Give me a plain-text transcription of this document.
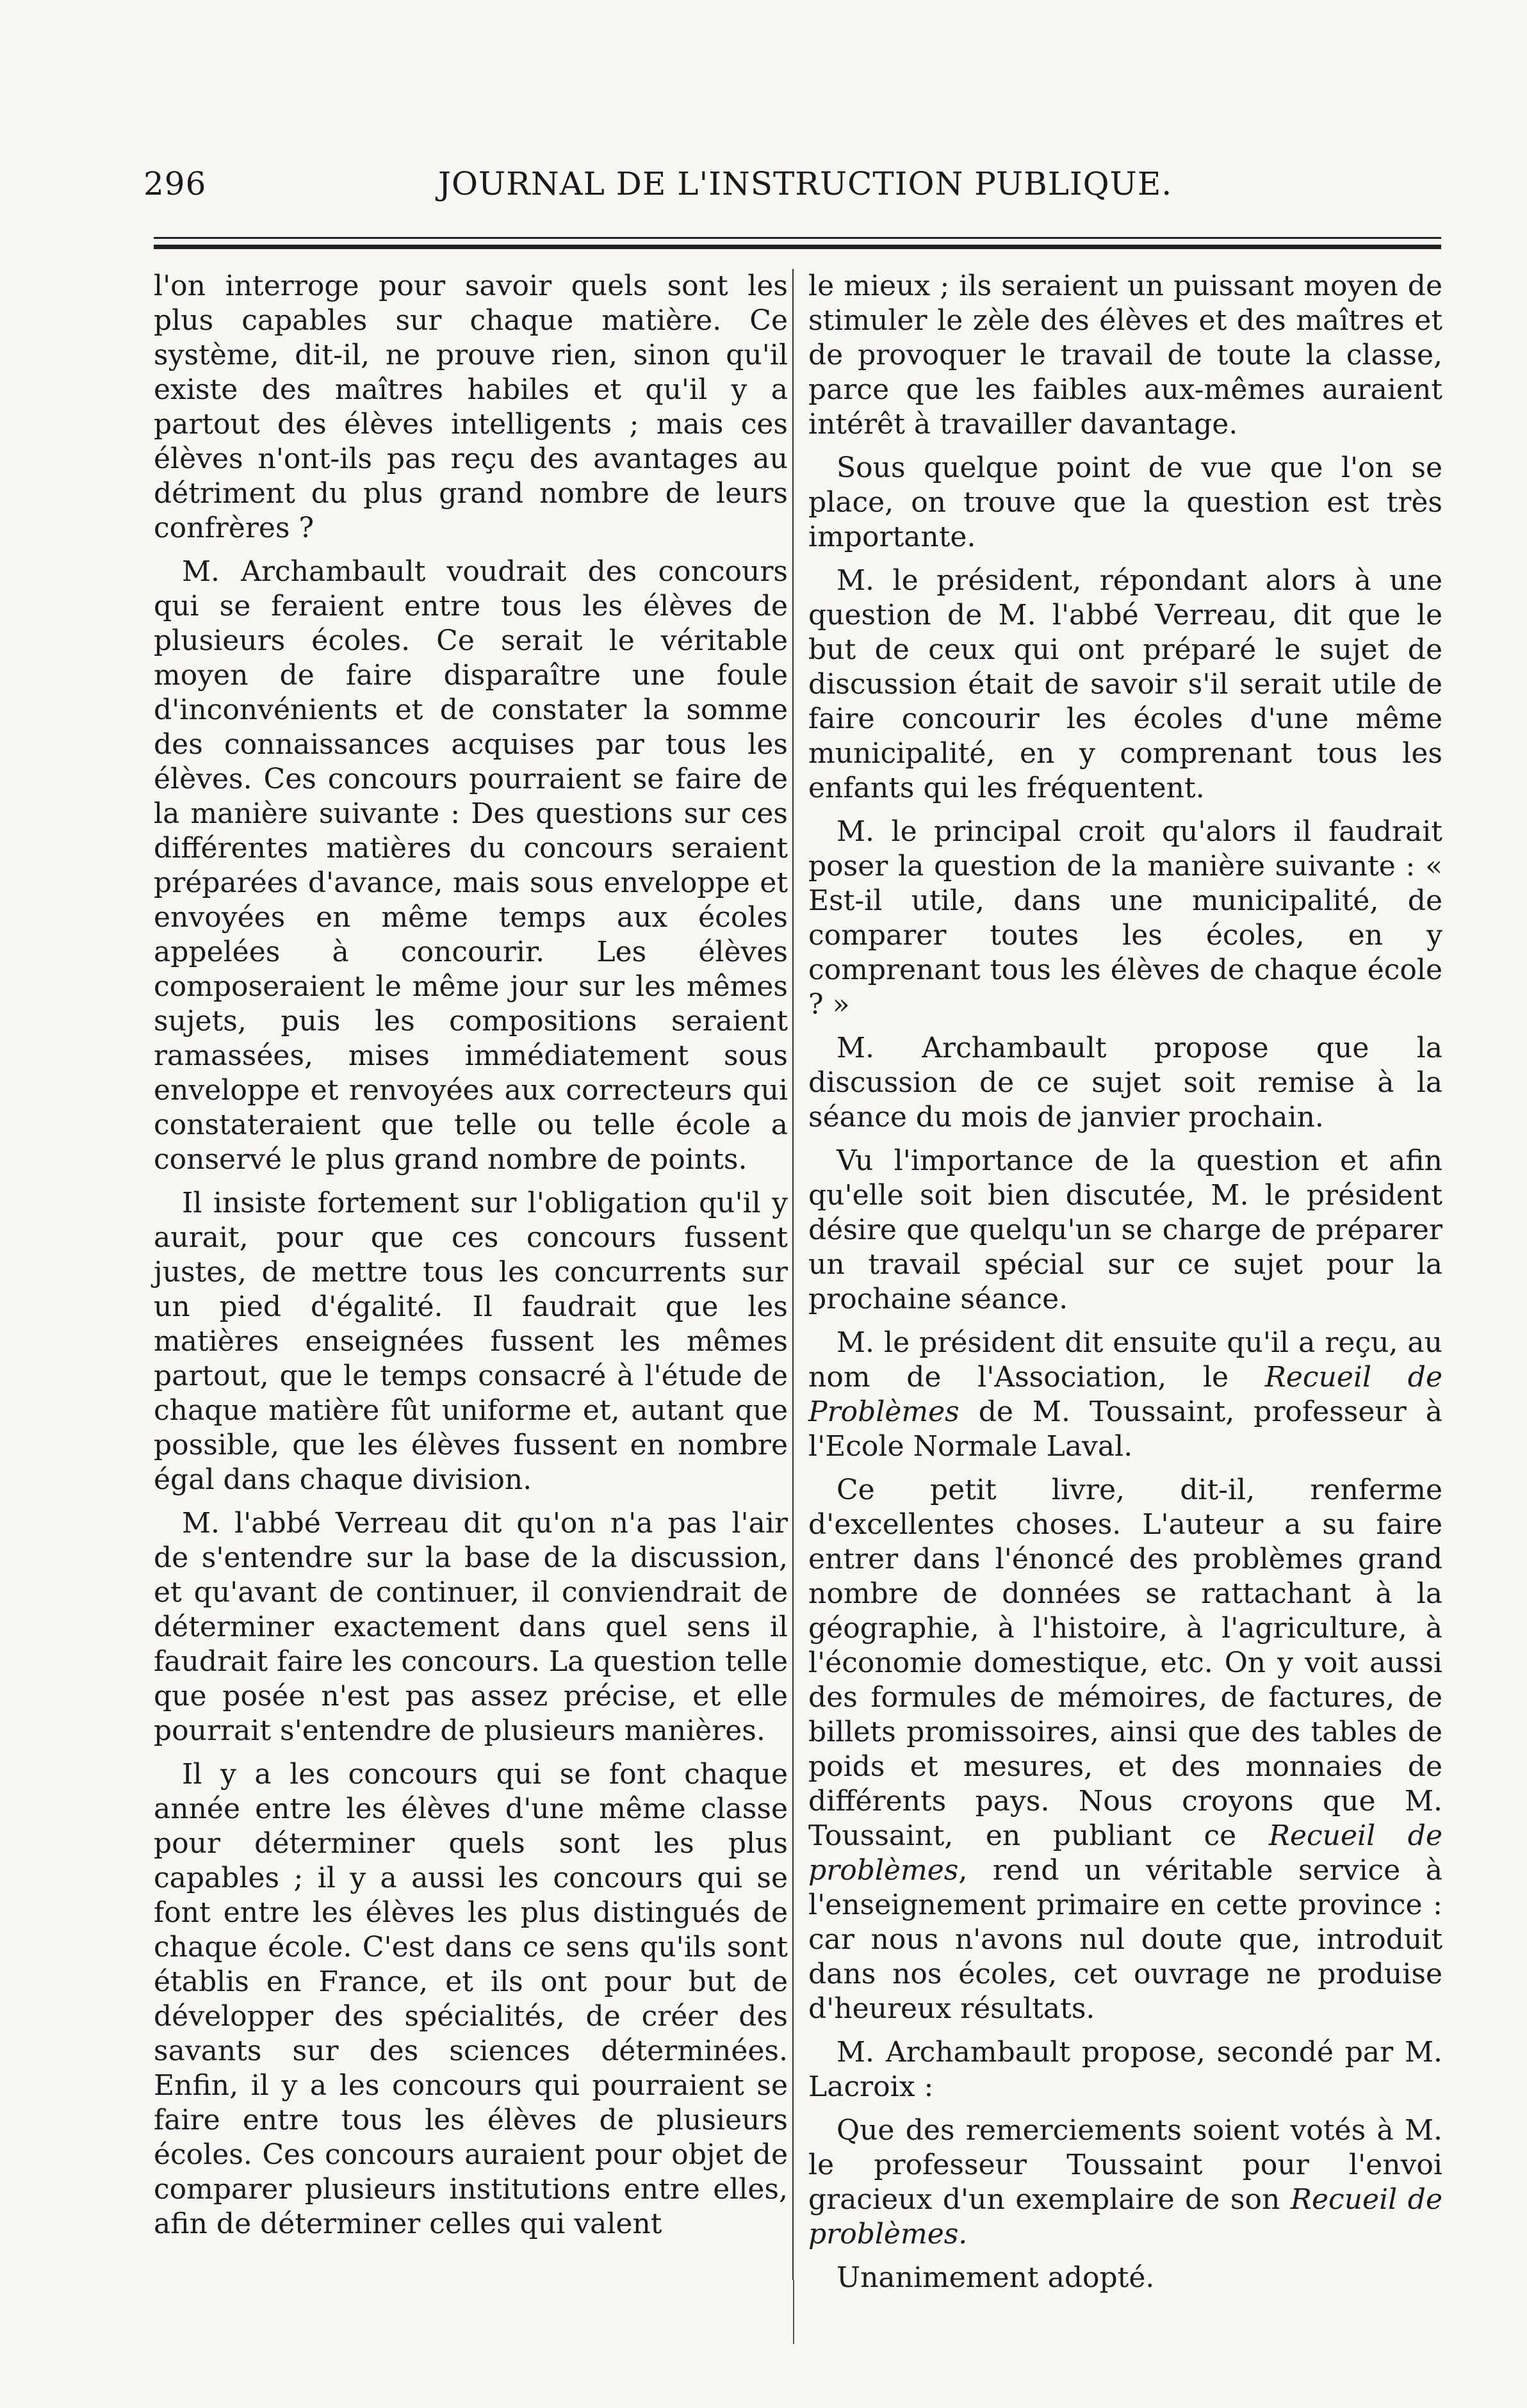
296	JOURNAL DE L'INSTRUCTION PUBLIQUE.

l'on interroge pour savoir quels sont les plus capables sur chaque matière. Ce système, dit-il, ne prouve rien, sinon qu'il existe des maîtres habiles et qu'il y a partout des élèves intelligents ; mais ces élèves n'ont-ils pas reçu des avantages au détriment du plus grand nombre de leurs confrères ?

M. Archambault voudrait des concours qui se feraient entre tous les élèves de plusieurs écoles. Ce serait le véritable moyen de faire disparaître une foule d'inconvénients et de constater la somme des connaissances acquises par tous les élèves. Ces concours pourraient se faire de la manière suivante : Des questions sur ces différentes matières du concours seraient préparées d'avance, mais sous enveloppe et envoyées en même temps aux écoles appelées à concourir. Les élèves composeraient le même jour sur les mêmes sujets, puis les compositions seraient ramassées, mises immédiatement sous enveloppe et renvoyées aux correcteurs qui constateraient que telle ou telle école a conservé le plus grand nombre de points.

Il insiste fortement sur l'obligation qu'il y aurait, pour que ces concours fussent justes, de mettre tous les concurrents sur un pied d'égalité. Il faudrait que les matières enseignées fussent les mêmes partout, que le temps consacré à l'étude de chaque matière fût uniforme et, autant que possible, que les élèves fussent en nombre égal dans chaque division.

M. l'abbé Verreau dit qu'on n'a pas l'air de s'entendre sur la base de la discussion, et qu'avant de continuer, il conviendrait de déterminer exactement dans quel sens il faudrait faire les concours. La question telle que posée n'est pas assez précise, et elle pourrait s'entendre de plusieurs manières.

Il y a les concours qui se font chaque année entre les élèves d'une même classe pour déterminer quels sont les plus capables ; il y a aussi les concours qui se font entre les élèves les plus distingués de chaque école. C'est dans ce sens qu'ils sont établis en France, et ils ont pour but de développer des spécialités, de créer des savants sur des sciences déterminées. Enfin, il y a les concours qui pourraient se faire entre tous les élèves de plusieurs écoles. Ces concours auraient pour objet de comparer plusieurs institutions entre elles, afin de déterminer celles qui valent

le mieux ; ils seraient un puissant moyen de stimuler le zèle des élèves et des maîtres et de provoquer le travail de toute la classe, parce que les faibles aux-mêmes auraient intérêt à travailler davantage.

Sous quelque point de vue que l'on se place, on trouve que la question est très importante.

M. le président, répondant alors à une question de M. l'abbé Verreau, dit que le but de ceux qui ont préparé le sujet de discussion était de savoir s'il serait utile de faire concourir les écoles d'une même municipalité, en y comprenant tous les enfants qui les fréquentent.

M. le principal croit qu'alors il faudrait poser la question de la manière suivante : « Est-il utile, dans une municipalité, de comparer toutes les écoles, en y comprenant tous les élèves de chaque école ? »

M. Archambault propose que la discussion de ce sujet soit remise à la séance du mois de janvier prochain.

Vu l'importance de la question et afin qu'elle soit bien discutée, M. le président désire que quelqu'un se charge de préparer un travail spécial sur ce sujet pour la prochaine séance.

M. le président dit ensuite qu'il a reçu, au nom de l'Association, le Recueil de Problèmes de M. Toussaint, professeur à l'Ecole Normale Laval.

Ce petit livre, dit-il, renferme d'excellentes choses. L'auteur a su faire entrer dans l'énoncé des problèmes grand nombre de données se rattachant à la géographie, à l'histoire, à l'agriculture, à l'économie domestique, etc. On y voit aussi des formules de mémoires, de factures, de billets promissoires, ainsi que des tables de poids et mesures, et des monnaies de différents pays. Nous croyons que M. Toussaint, en publiant ce Recueil de problèmes, rend un véritable service à l'enseignement primaire en cette province : car nous n'avons nul doute que, introduit dans nos écoles, cet ouvrage ne produise d'heureux résultats.

M. Archambault propose, secondé par M. Lacroix :

Que des remerciements soient votés à M. le professeur Toussaint pour l'envoi gracieux d'un exemplaire de son Recueil de problèmes.

Unanimement adopté.
